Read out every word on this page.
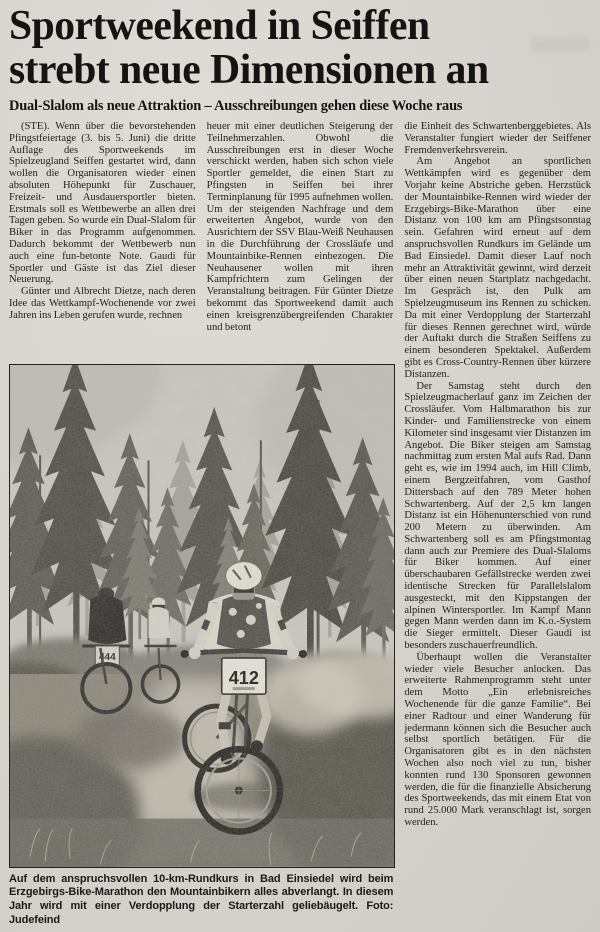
Sportweekend in Seiffen
strebt neue Dimensionen an
Dual-Slalom als neue Attraktion – Ausschreibungen gehen diese Woche raus

(STE). Wenn über die bevorstehenden Pfingstfeiertage (3. bis 5. Juni) die dritte Auflage des Sportweekends im Spielzeugland Seiffen gestartet wird, dann wollen die Organisatoren wieder einen absoluten Höhepunkt für Zuschauer, Freizeit- und Ausdauersportler bieten. Erstmals soll es Wettbewerbe an allen drei Tagen geben. So wurde ein Dual-Slalom für Biker in das Programm aufgenommen. Dadurch bekommt der Wettbewerb nun auch eine fun-betonte Note. Gaudi für Sportler und Gäste ist das Ziel dieser Neuerung.

Günter und Albrecht Dietze, nach deren Idee das Wettkampf-Wochenende vor zwei Jahren ins Leben gerufen wurde, rechnen

heuer mit einer deutlichen Steigerung der Teilnehmerzahlen. Obwohl die Ausschreibungen erst in dieser Woche verschickt werden, haben sich schon viele Sportler gemeldet, die einen Start zu Pfingsten in Seiffen bei ihrer Terminplanung für 1995 aufnehmen wollen. Um der steigenden Nachfrage und dem erweiterten Angebot, wurde von den Ausrichtern der SSV Blau-Weiß Neuhausen in die Durchführung der Crossläufe und Mountainbike-Rennen einbezogen. Die Neuhausener wollen mit ihren Kampfrichtern zum Gelingen der Veranstaltung beitragen. Für Günter Dietze bekommt das Sportweekend damit auch einen kreisgrenzübergreifenden Charakter und betont

die Einheit des Schwartenberggebietes. Als Veranstalter fungiert wieder der Seiffener Fremdenverkehrsverein.

Am Angebot an sportlichen Wettkämpfen wird es gegenüber dem Vorjahr keine Abstriche geben. Herzstück der Mountainbike-Rennen wird wieder der Erzgebirgs-Bike-Marathon über eine Distanz von 100 km am Pfingstsonntag sein. Gefahren wird erneut auf dem anspruchsvollen Rundkurs im Gelände um Bad Einsiedel. Damit dieser Lauf noch mehr an Attraktivität gewinnt, wird derzeit über einen neuen Startplatz nachgedacht. Im Gespräch ist, den Pulk am Spielzeugmuseum ins Rennen zu schicken. Da mit einer Verdopplung der Starterzahl für dieses Rennen gerechnet wird, würde der Auftakt durch die Straßen Seiffens zu einem besonderen Spektakel. Außerdem gibt es Cross-Country-Rennen über kürzere Distanzen.

Der Samstag steht durch den Spielzeugmacherlauf ganz im Zeichen der Crossläufer. Vom Halbmarathon bis zur Kinder- und Familienstrecke von einem Kilometer sind insgesamt vier Distanzen im Angebot. Die Biker steigen am Samstag nachmittag zum ersten Mal aufs Rad. Dann geht es, wie im 1994 auch, im Hill Climb, einem Bergzeitfahren, vom Gasthof Dittersbach auf den 789 Meter hohen Schwartenberg. Auf der 2,5 km langen Distanz ist ein Höhenunterschied von rund 200 Metern zu überwinden. Am Schwartenberg soll es am Pfingstmontag dann auch zur Premiere des Dual-Slaloms für Biker kommen. Auf einer überschaubaren Gefällstrecke werden zwei identische Strecken für Parallelslalom ausgesteckt, mit den Kippstangen der alpinen Wintersportler. Im Kampf Mann gegen Mann werden dann im K.o.-System die Sieger ermittelt. Dieser Gaudi ist besonders zuschauerfreundlich.

Überhaupt wollen die Veranstalter wieder viele Besucher anlocken. Das erweiterte Rahmenprogramm steht unter dem Motto „Ein erlebnisreiches Wochenende für die ganze Familie“. Bei einer Radtour und einer Wanderung für jedermann können sich die Besucher auch selbst sportlich betätigen. Für die Organisatoren gibt es in den nächsten Wochen also noch viel zu tun, bisher konnten rund 130 Sponsoren gewonnen werden, die für die finanzielle Absicherung des Sportweekends, das mit einem Etat von rund 25.000 Mark veranschlagt ist, sorgen werden.

Auf dem anspruchsvollen 10-km-Rundkurs in Bad Einsiedel wird beim Erzgebirgs-Bike-Marathon den Mountainbikern alles abverlangt. In diesem Jahr wird mit einer Verdopplung der Starterzahl geliebäugelt. Foto: Judefeind
